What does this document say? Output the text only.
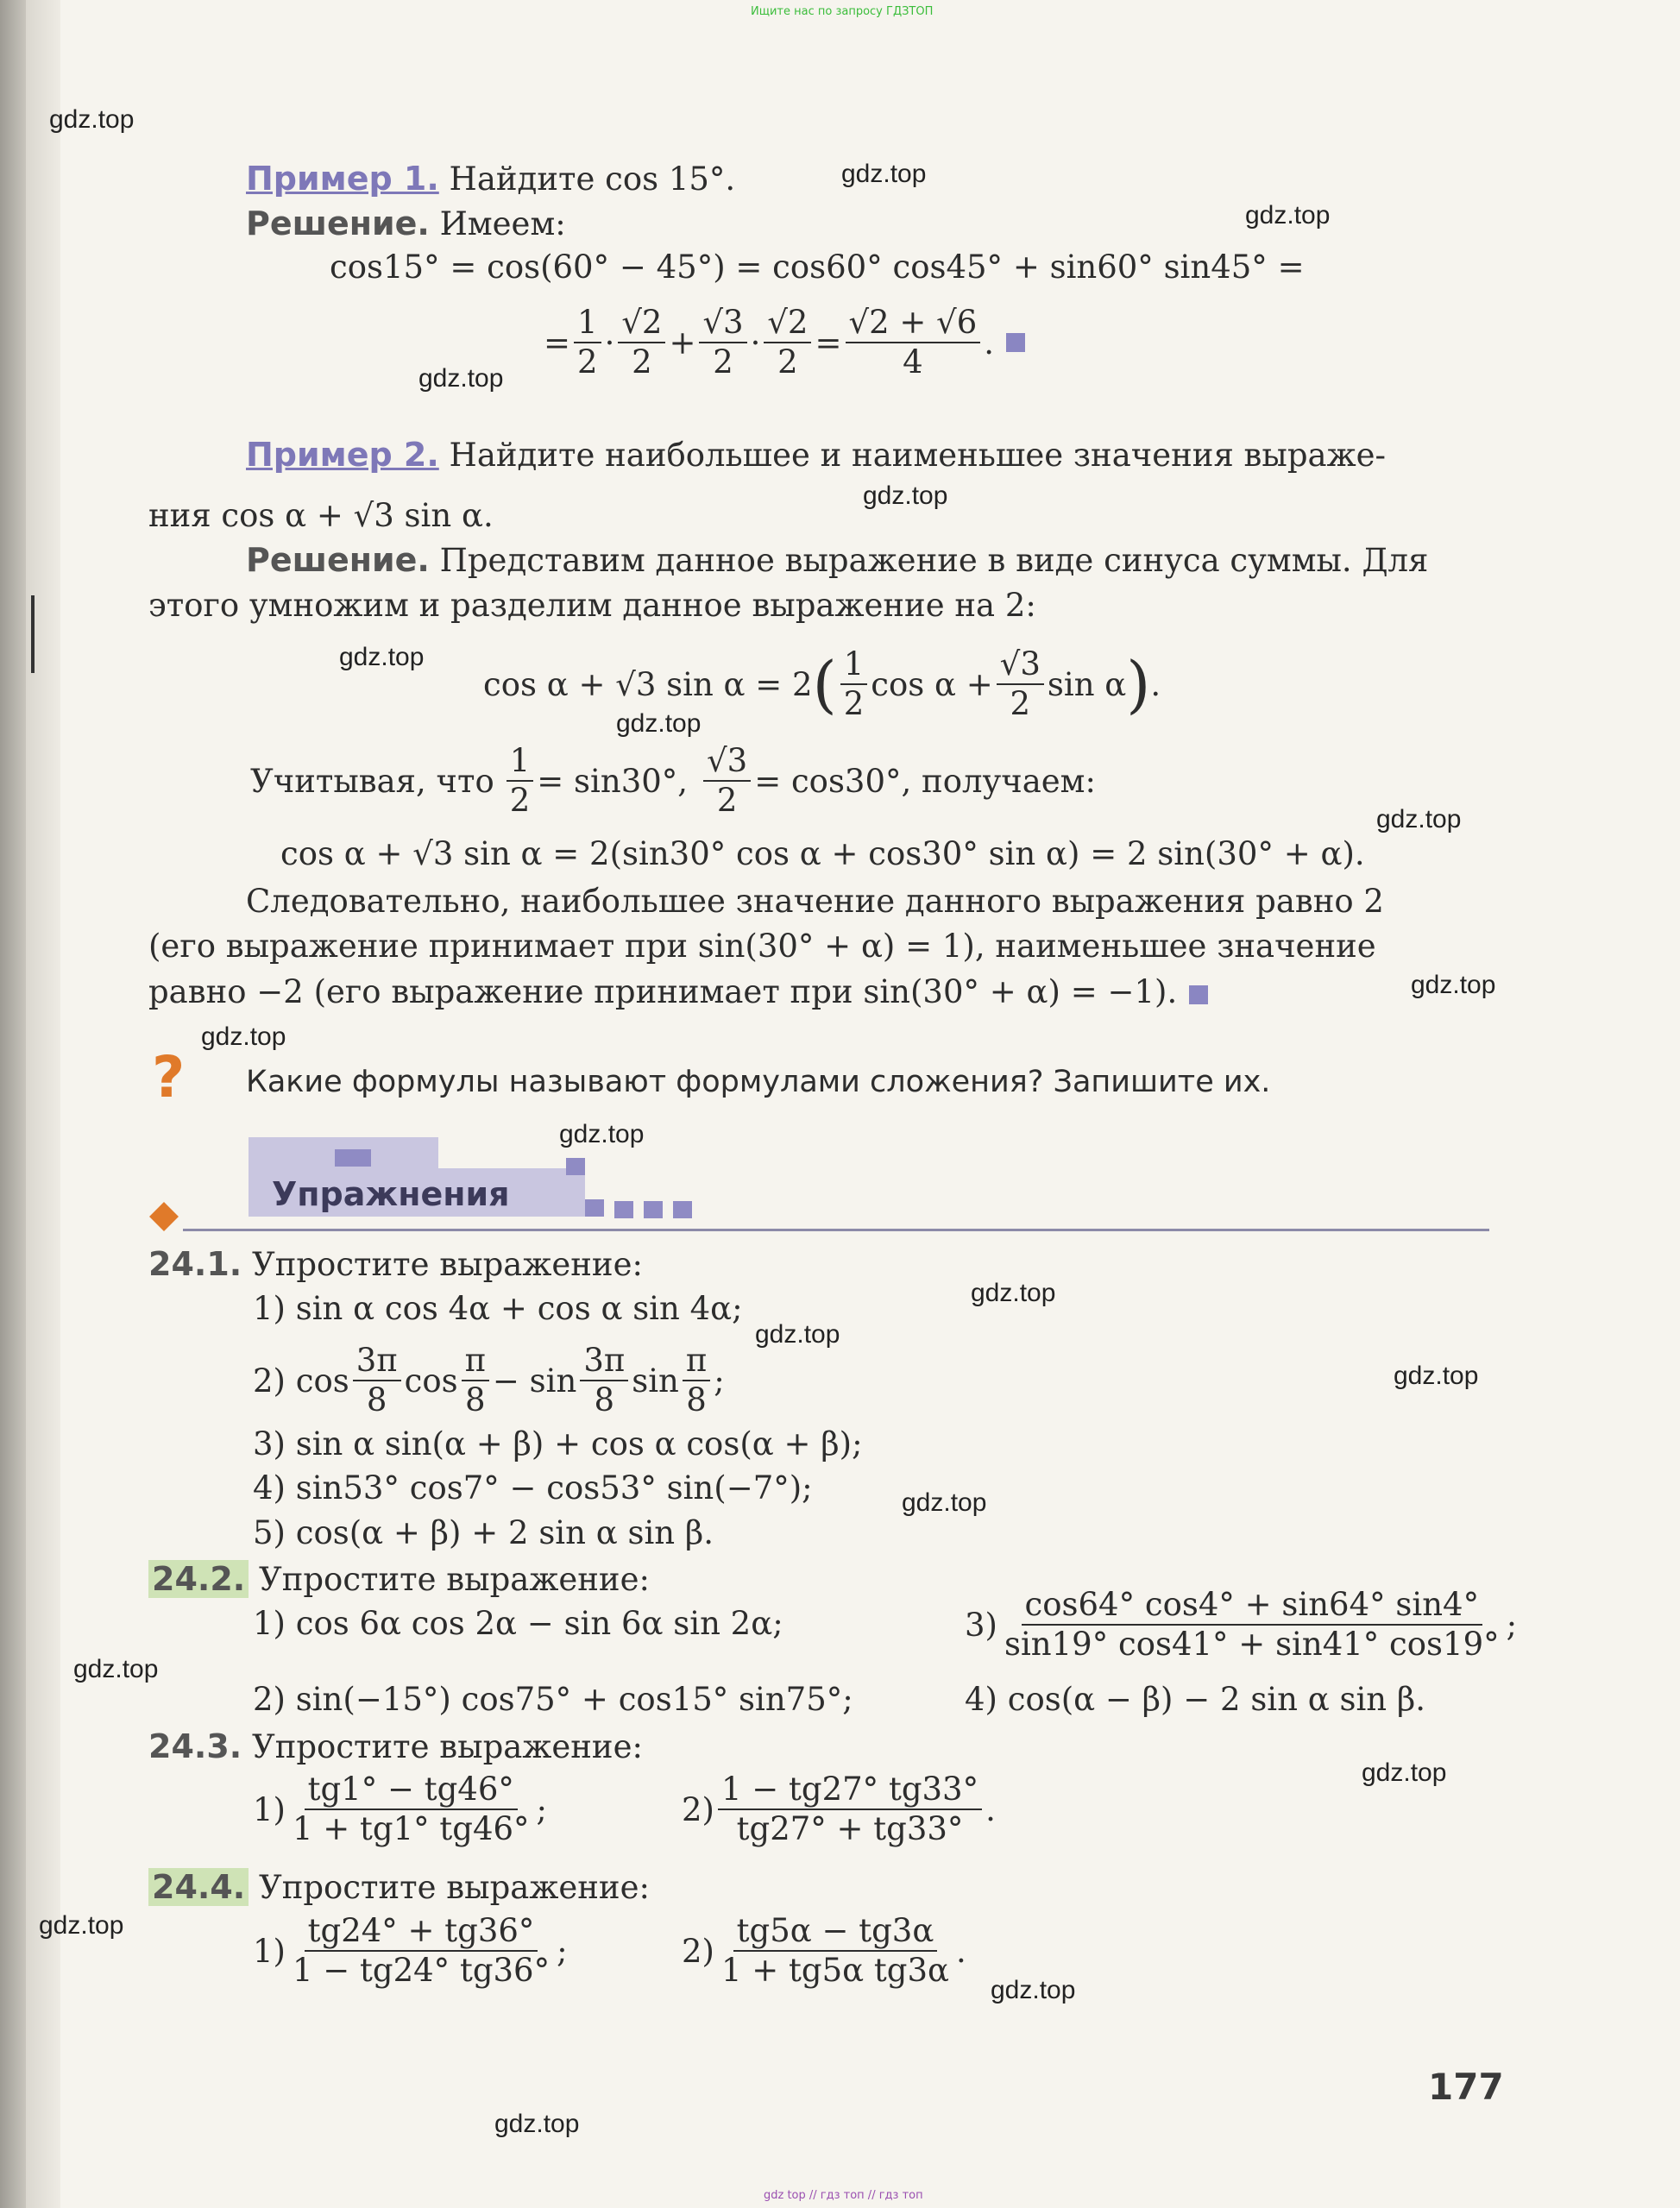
Ищите нас по запросу ГДЗТОП
Пример 1. Найдите cos 15°.
Решение. Имеем:
cos15° = cos(60° − 45°) = cos60° cos45° + sin60° sin45° =
= $\frac{1}{2} \cdot \frac{√2}{2} + \frac{√3}{2} \cdot \frac{√2}{2} = \frac{√2 + √6}{4}$ .
Пример 2. Найдите наибольшее и наименьшее значения выраже-
ния cos α + √3 sin α.
Решение. Представим данное выражение в виде синуса суммы. Для
этого умножим и разделим данное выражение на 2:
cos α + √3 sin α = 2 ( $\frac{1}{2}$ $\cos \alpha + \frac{√3}{2}$ sin α ) .
Учитывая, что $\frac{1}{2} = \sin 30^\circ$, $\frac{√3}{2} = \cos 30^\circ$, получаем:
cos α + √3 sin α = 2(sin30° cos α + cos30° sin α) = 2 sin(30° + α).
Следовательно, наибольшее значение данного выражения равно 2
(его выражение принимает при sin(30° + α) = 1), наименьшее значение
равно −2 (его выражение принимает при sin(30° + α) = −1).
? Какие формулы называют формулами сложения? Запишите их.
Упражнения
24.1. Упростите выражение:
1) sin α cos 4α + cos α sin 4α;
2) $\cos \frac{3\pi}{8}$ $\cos \frac{\pi}{8} - \sin \frac{3\pi}{8}$ $\sin \frac{\pi}{8}$ ;
3) sin α sin(α + β) + cos α cos(α + β);
4) sin53° cos7° − cos53° sin(−7°);
5) cos(α + β) + 2 sin α sin β.
24.2. Упростите выражение:
1) cos 6α cos 2α − sin 6α sin 2α;	$3) \frac{\cos 64^\circ \cos 4^\circ + \sin 64^\circ \sin 4^\circ}{\sin 19^\circ \cos 41^\circ + \sin 41^\circ \cos 19^\circ}$ ;
2) sin(−15°) cos75° + cos15° sin75°;	4) cos(α − β) − 2 sin α sin β.
24.3. Упростите выражение:
$1) \frac{tg1^\circ - tg46^\circ}{1 + tg1^\circ tg46^\circ}$ ;	$2) \frac{1 - tg27^\circ tg33^\circ}{tg27^\circ + tg33^\circ}$ .
24.4. Упростите выражение:
$1) \frac{tg24^\circ + tg36^\circ}{1 - tg24^\circ tg36^\circ}$ ;	$2) \frac{tg5\alpha - tg3\alpha}{\text{1 + tg5α tg3α}}$ .
177
gdz.top
gdz.top
gdz.top
gdz.top
gdz.top
gdz.top
gdz.top
gdz.top
gdz.top
gdz.top
gdz.top
gdz.top
gdz.top
gdz.top
gdz.top
gdz.top
gdz.top
gdz.top
gdz.top
gdz.top
gdz top // гдз топ // гдз топ
